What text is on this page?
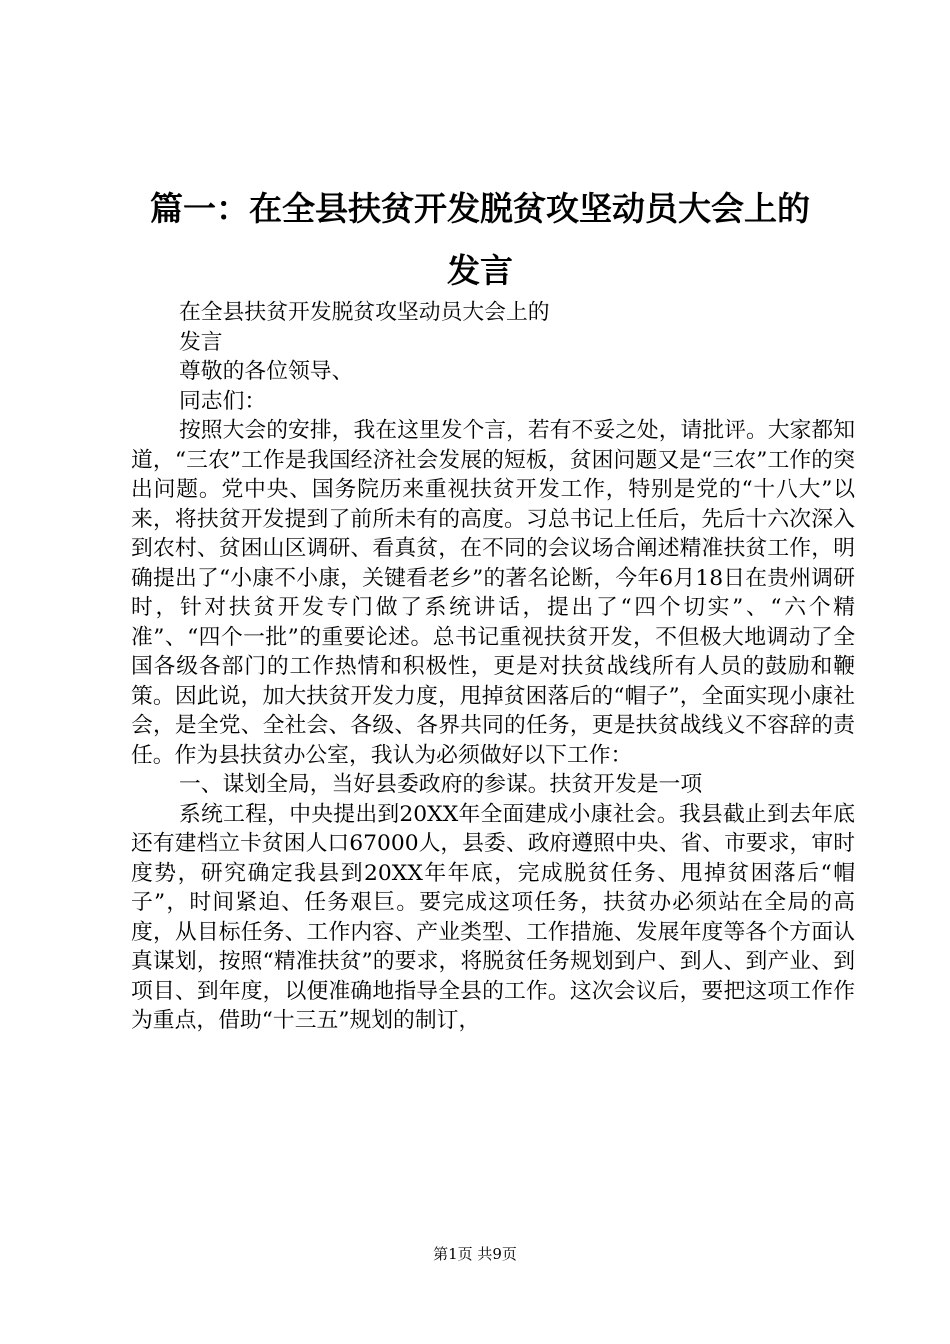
篇一：在全县扶贫开发脱贫攻坚动员大会上的
发言

在全县扶贫开发脱贫攻坚动员大会上的

发言

尊敬的各位领导、

同志们：

按照大会的安排，我在这里发个言，若有不妥之处，请批评。大家都知道，“三农”工作是我国经济社会发展的短板，贫困问题又是“三农”工作的突出问题。党中央、国务院历来重视扶贫开发工作，特别是党的“十八大”以来，将扶贫开发提到了前所未有的高度。习总书记上任后，先后十六次深入到农村、贫困山区调研、看真贫，在不同的会议场合阐述精准扶贫工作，明确提出了“小康不小康，关键看老乡”的著名论断，今年6月18日在贵州调研时，针对扶贫开发专门做了系统讲话，提出了“四个切实”、“六个精准”、“四个一批”的重要论述。总书记重视扶贫开发，不但极大地调动了全国各级各部门的工作热情和积极性，更是对扶贫战线所有人员的鼓励和鞭策。因此说，加大扶贫开发力度，甩掉贫困落后的“帽子”，全面实现小康社会，是全党、全社会、各级、各界共同的任务，更是扶贫战线义不容辞的责任。作为县扶贫办公室，我认为必须做好以下工作：

一、谋划全局，当好县委政府的参谋。扶贫开发是一项

系统工程，中央提出到20XX年全面建成小康社会。我县截止到去年底还有建档立卡贫困人口67000人，县委、政府遵照中央、省、市要求，审时度势，研究确定我县到20XX年年底，完成脱贫任务、甩掉贫困落后“帽子”，时间紧迫、任务艰巨。要完成这项任务，扶贫办必须站在全局的高度，从目标任务、工作内容、产业类型、工作措施、发展年度等各个方面认真谋划，按照“精准扶贫”的要求，将脱贫任务规划到户、到人、到产业、到项目、到年度，以便准确地指导全县的工作。这次会议后，要把这项工作作为重点，借助“十三五”规划的制订，

第1页 共9页
